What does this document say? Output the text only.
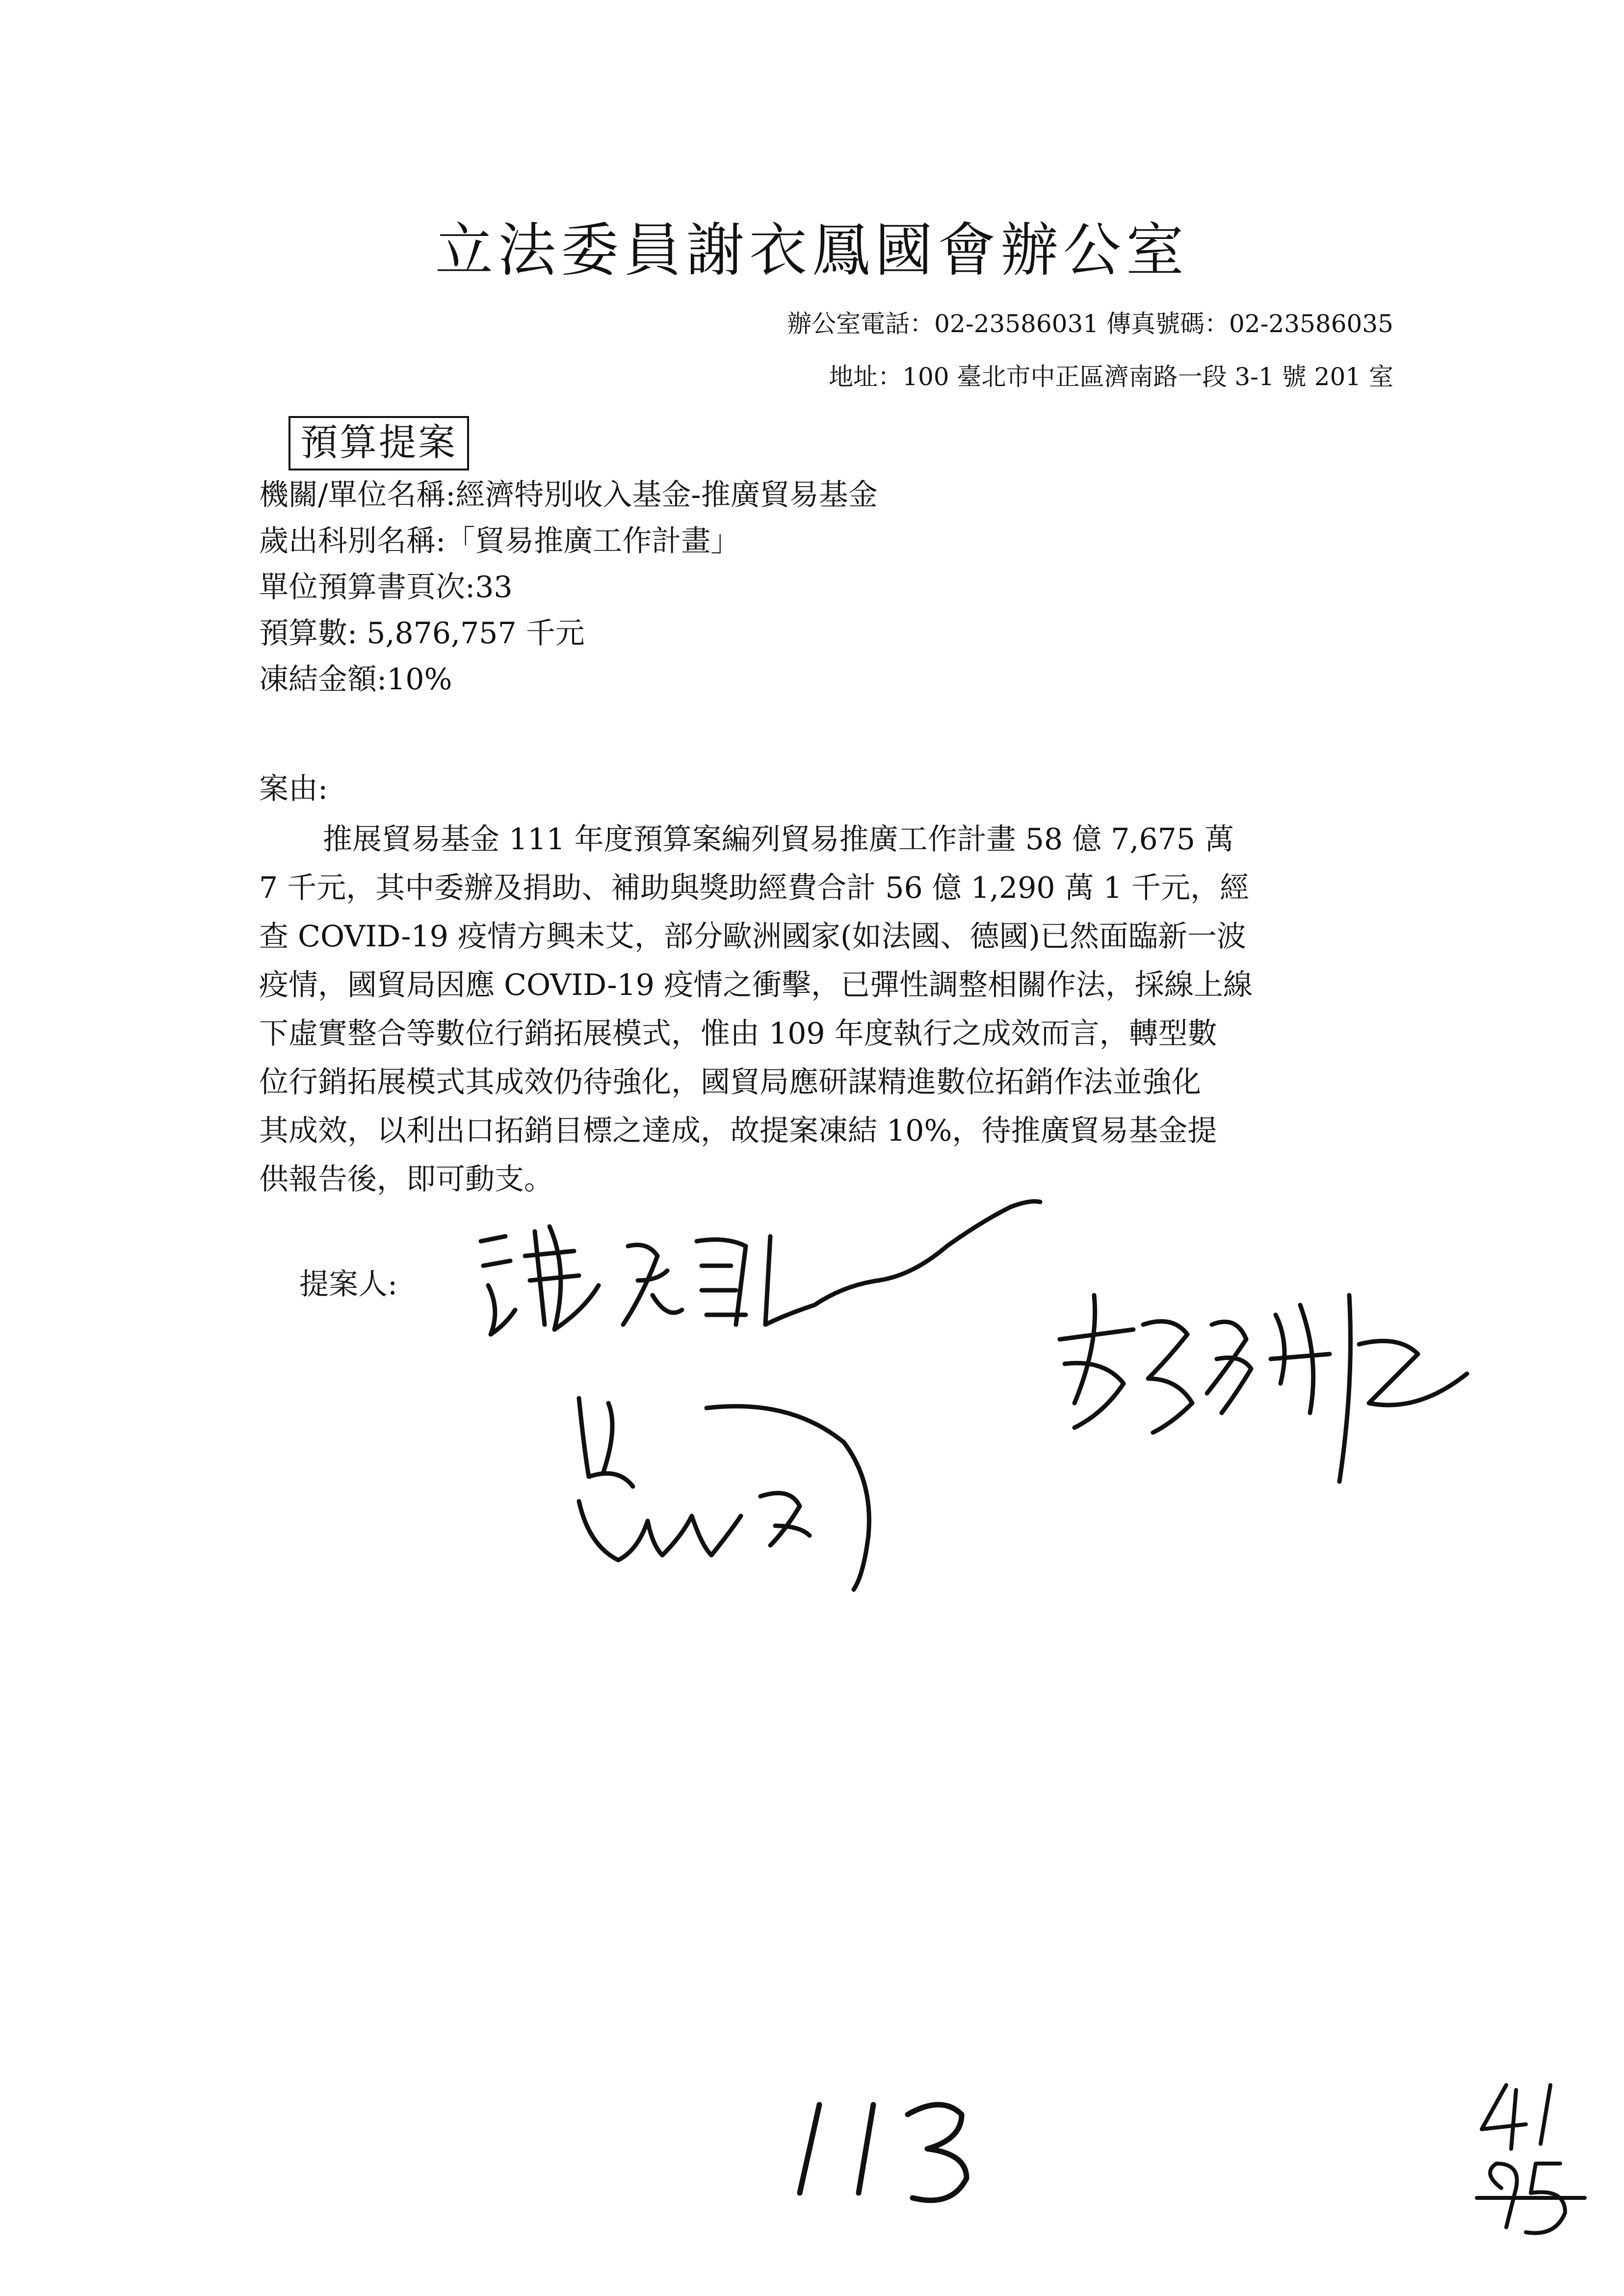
立法委員謝衣鳳國會辦公室
辦公室電話：02-23586031 傳真號碼：02-23586035
地址：100 臺北市中正區濟南路一段 3-1 號 201 室
預算提案
機關/單位名稱:經濟特別收入基金-推廣貿易基金
歲出科別名稱:「貿易推廣工作計畫」
單位預算書頁次:33
預算數: 5,876,757 千元
凍結金額:10%
案由:
推展貿易基金 111 年度預算案編列貿易推廣工作計畫 58 億 7,675 萬
7 千元，其中委辦及捐助、補助與獎助經費合計 56 億 1,290 萬 1 千元，經
查 COVID-19 疫情方興未艾，部分歐洲國家(如法國、德國)已然面臨新一波
疫情，國貿局因應 COVID-19 疫情之衝擊，已彈性調整相關作法，採線上線
下虛實整合等數位行銷拓展模式，惟由 109 年度執行之成效而言，轉型數
位行銷拓展模式其成效仍待強化，國貿局應研謀精進數位拓銷作法並強化
其成效，以利出口拓銷目標之達成，故提案凍結 10%，待推廣貿易基金提
供報告後，即可動支。
提案人:
